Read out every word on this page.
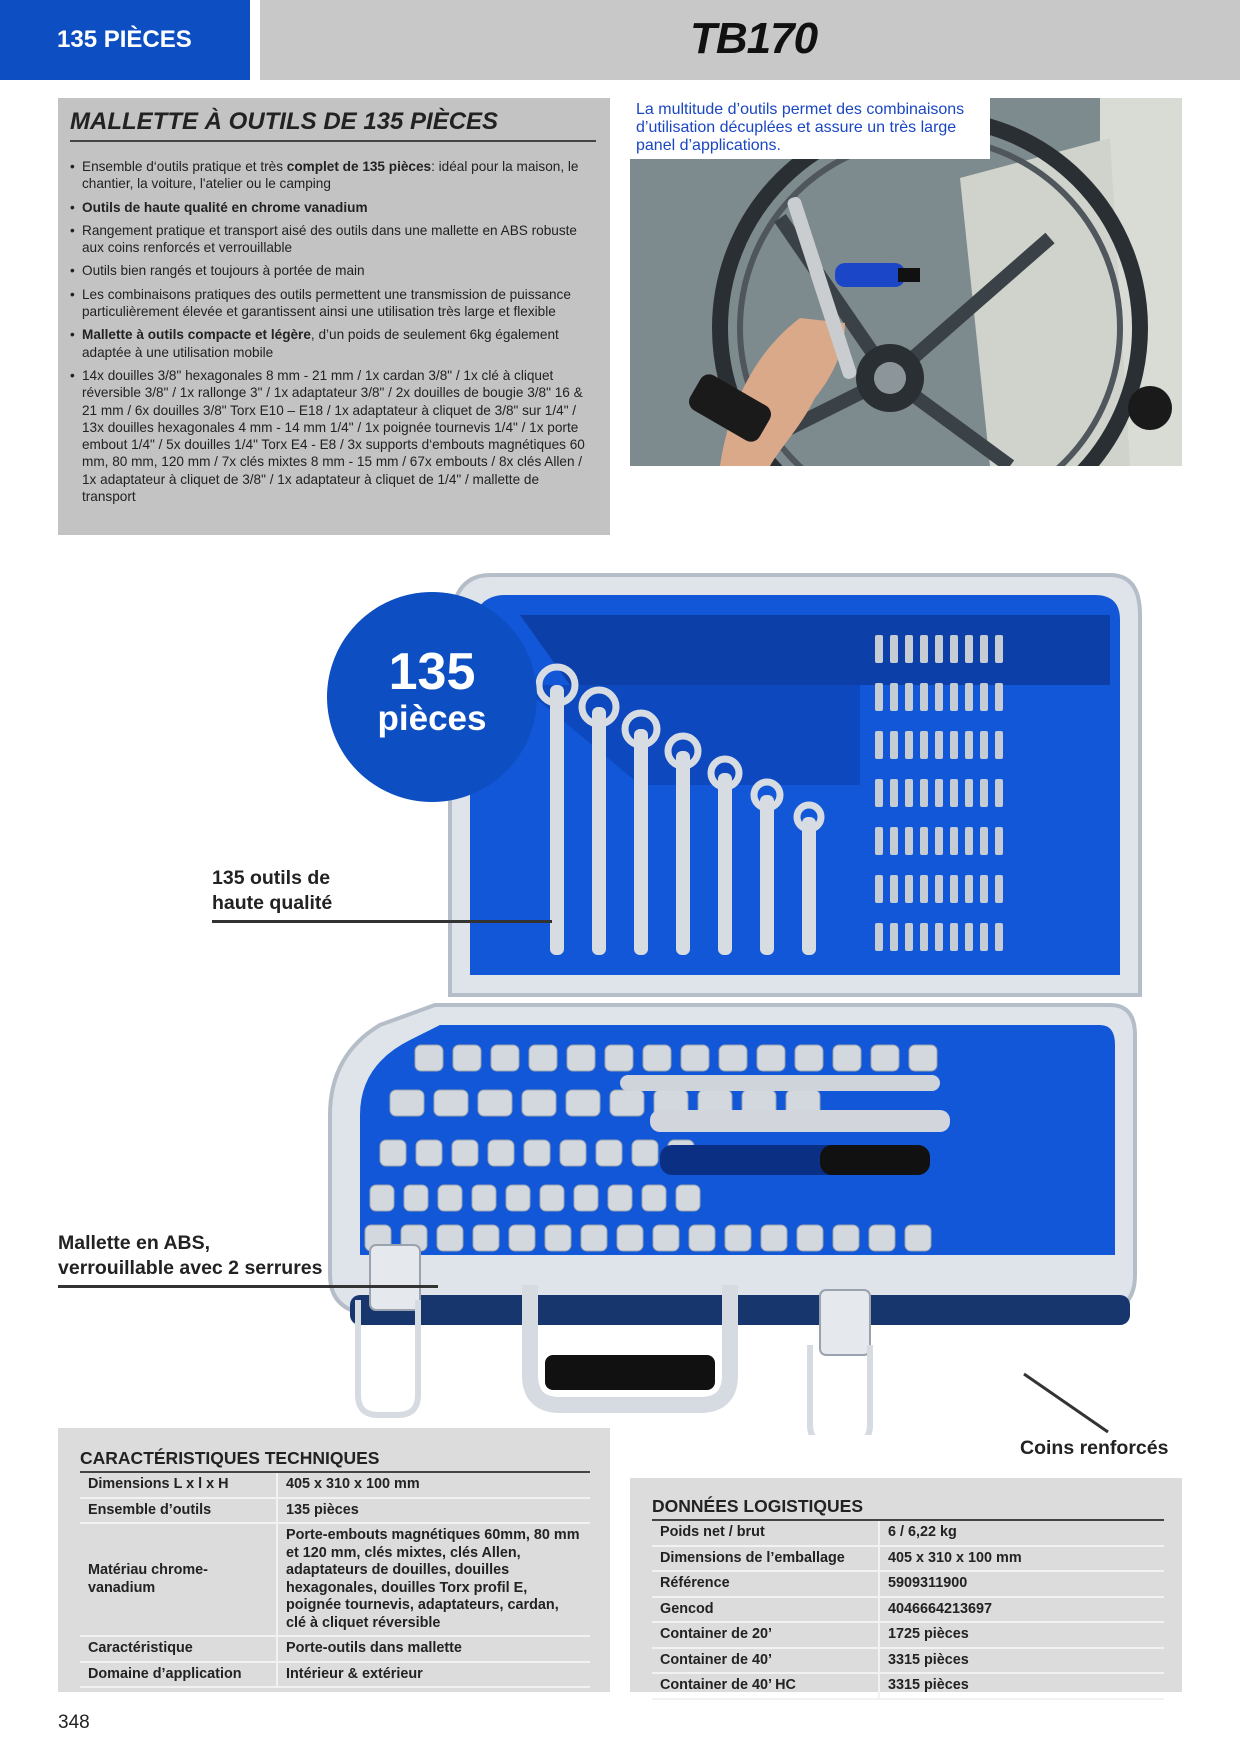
135 PIÈCES	TB170
MALLETTE À OUTILS DE 135 PIÈCES
• Ensemble d‘outils pratique et très complet de 135 pièces: idéal pour la maison, le chantier, la voiture, l'atelier ou le camping
• Outils de haute qualité en chrome vanadium
• Rangement pratique et transport aisé des outils dans une mallette en ABS robuste aux coins renforcés et verrouillable
• Outils bien rangés et toujours à portée de main
• Les combinaisons pratiques des outils permettent une transmission de puissance particulièrement élevée et garantissent ainsi une utilisation très large et flexible
• Mallette à outils compacte et légère, d’un poids de seulement 6kg également adaptée à une utilisation mobile
• 14x douilles 3/8" hexagonales 8 mm - 21 mm / 1x cardan 3/8" / 1x clé à cliquet réversible 3/8" / 1x rallonge 3" / 1x adaptateur 3/8" / 2x douilles de bougie 3/8" 16 & 21 mm / 6x douilles 3/8" Torx E10 – E18 / 1x adaptateur à cliquet de 3/8" sur 1/4" / 13x douilles hexagonales 4 mm - 14 mm 1/4" / 1x poignée tournevis 1/4" / 1x porte embout 1/4" / 5x douilles 1/4" Torx E4 - E8 / 3x supports d‘embouts magnétiques 60 mm, 80 mm, 120 mm / 7x clés mixtes 8 mm - 15 mm / 67x embouts / 8x clés Allen / 1x adaptateur à cliquet de 3/8" / 1x adaptateur à cliquet de 1/4" / mallette de transport
La multitude d’outils permet des combinaisons d’utilisation décuplées et assure un très large panel d’applications.
135
pièces
135 outils de
haute qualité
Mallette en ABS,
verrouillable avec 2 serrures
Coins renforcés
CARACTÉRISTIQUES TECHNIQUES
Dimensions L x l x H	405 x 310 x 100 mm
Ensemble d’outils	135 pièces
Matériau chrome-vanadium	Porte-embouts magnétiques 60mm, 80 mm et 120 mm, clés mixtes, clés Allen, adaptateurs de douilles, douilles hexagonales, douilles Torx profil E, poignée tournevis, adaptateurs, cardan, clé à cliquet réversible
Caractéristique	Porte-outils dans mallette
Domaine d’application	Intérieur & extérieur
DONNÉES LOGISTIQUES
Poids net / brut	6 / 6,22 kg
Dimensions de l’emballage	405 x 310 x 100 mm
Référence	5909311900
Gencod	4046664213697
Container de 20’	1725 pièces
Container de 40’	3315 pièces
Container de 40’ HC	3315 pièces
348
